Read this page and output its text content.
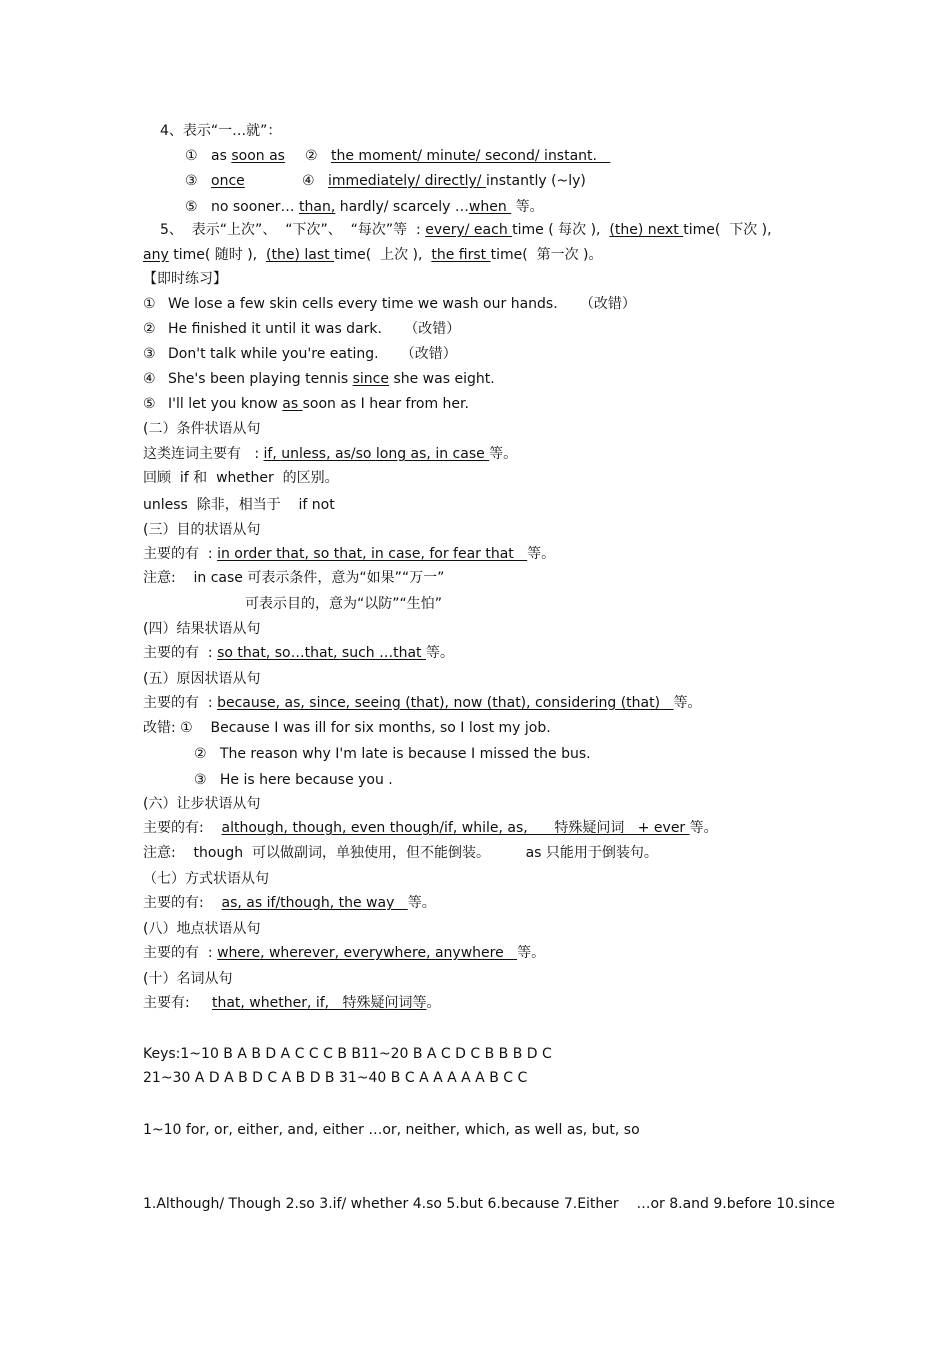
4、表示“一…就”：
① as soon as ② the moment/ minute/ second/ instant.
③ once	④ immediately/ directly/ instantly (~ly)
⑤ no sooner… than, hardly/ scarcely …when  等。
5、  表示“上次”、  “下次”、  “每次”等  : every/ each time ( 每次 ),  (the) next time(  下次 ),
any time( 随时 ),  (the) last time(  上次 ),  the first time(  第一次 )。
【即时练习】
① We lose a few skin cells every time we wash our hands.     （改错）
② He finished it until it was dark.     （改错）
③ Don't talk while you're eating.     （改错）
④ She's been playing tennis since she was eight.
⑤ I'll let you know as soon as I hear from her.
(二）条件状语从句
这类连词主要有   : if, unless, as/so long as, in case 等。
回顾  if 和  whether  的区别。
unless  除非，相当于    if not
(三）目的状语从句
主要的有  : in order that, so that, in case, for fear that   等。
注意:    in case 可表示条件，意为“如果”“万一”
可表示目的，意为“以防”“生怕”
(四）结果状语从句
主要的有  : so that, so…that, such …that 等。
(五）原因状语从句
主要的有  : because, as, since, seeing (that), now (that), considering (that)   等。
改错: ①    Because I was ill for six months, so I lost my job.
②   The reason why I'm late is because I missed the bus.
③   He is here because you .
(六）让步状语从句
主要的有:    although, though, even though/if, while, as,      特殊疑问词   + ever 等。
注意:    though  可以做副词，单独使用，但不能倒装。        as 只能用于倒装句。
（七）方式状语从句
主要的有:    as, as if/though, the way   等。
(八）地点状语从句
主要的有  : where, wherever, everywhere, anywhere   等。
(十）名词从句
主要有:     that, whether, if,   特殊疑问词等。
Keys:1~10 B A B D A C C C B B11~20 B A C D C B B B D C
21~30 A D A B D C A B D B 31~40 B C A A A A A B C C
1~10 for, or, either, and, either …or, neither, which, as well as, but, so
1.Although/ Though 2.so 3.if/ whether 4.so 5.but 6.because 7.Either    …or 8.and 9.before 10.since
